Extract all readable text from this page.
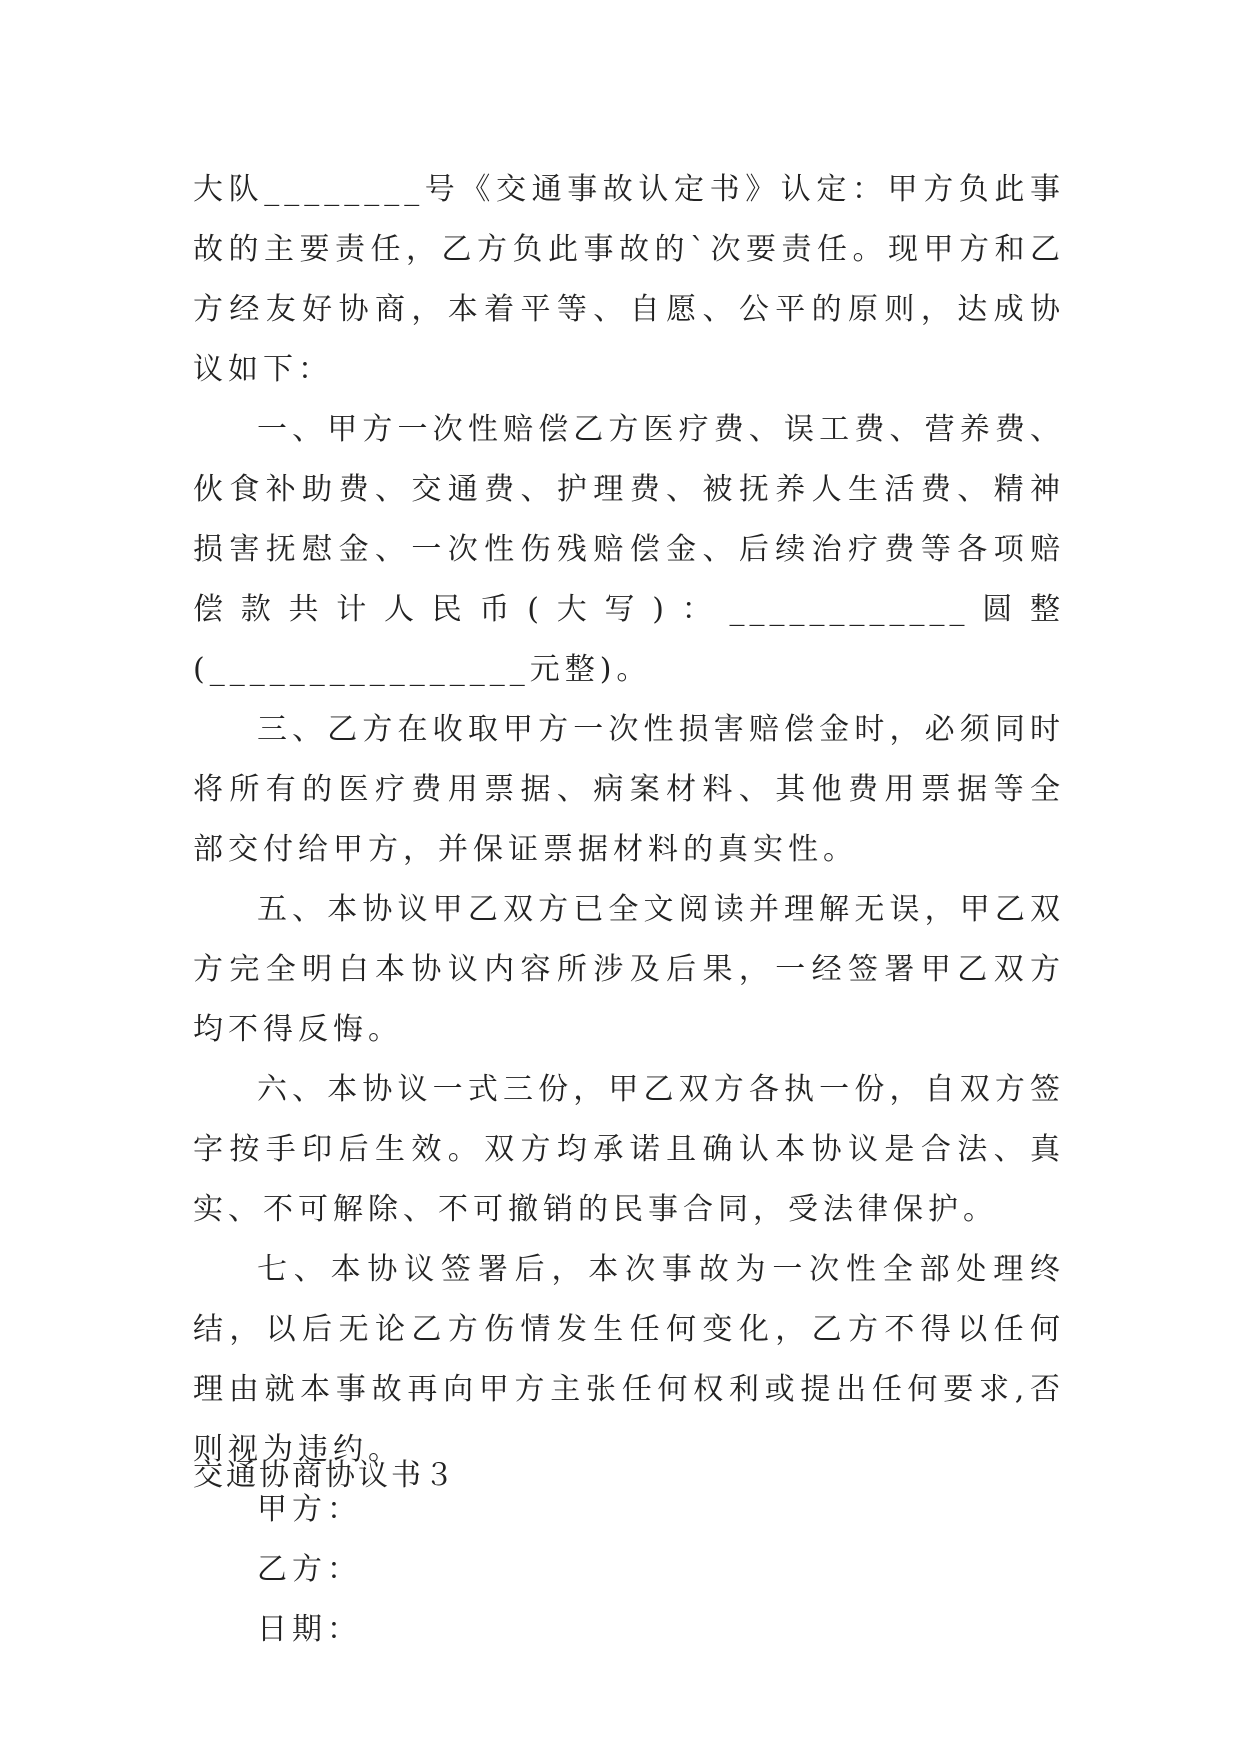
大队________号《交通事故认定书》认定：甲方负此事故的主要责任，乙方负此事故的`次要责任。现甲方和乙方经友好协商，本着平等、自愿、公平的原则，达成协议如下：

一、甲方一次性赔偿乙方医疗费、误工费、营养费、伙食补助费、交通费、护理费、被抚养人生活费、精神损害抚慰金、一次性伤残赔偿金、后续治疗费等各项赔偿款共计人民币(大写)：____________圆整(________________元整)。

三、乙方在收取甲方一次性损害赔偿金时，必须同时将所有的医疗费用票据、病案材料、其他费用票据等全部交付给甲方，并保证票据材料的真实性。

五、本协议甲乙双方已全文阅读并理解无误，甲乙双方完全明白本协议内容所涉及后果，一经签署甲乙双方均不得反悔。

六、本协议一式三份，甲乙双方各执一份，自双方签字按手印后生效。双方均承诺且确认本协议是合法、真实、不可解除、不可撤销的民事合同，受法律保护。

七、本协议签署后，本次事故为一次性全部处理终结，以后无论乙方伤情发生任何变化，乙方不得以任何理由就本事故再向甲方主张任何权利或提出任何要求,否则视为违约。

甲方：

乙方：

日期：

交通协商协议书３
